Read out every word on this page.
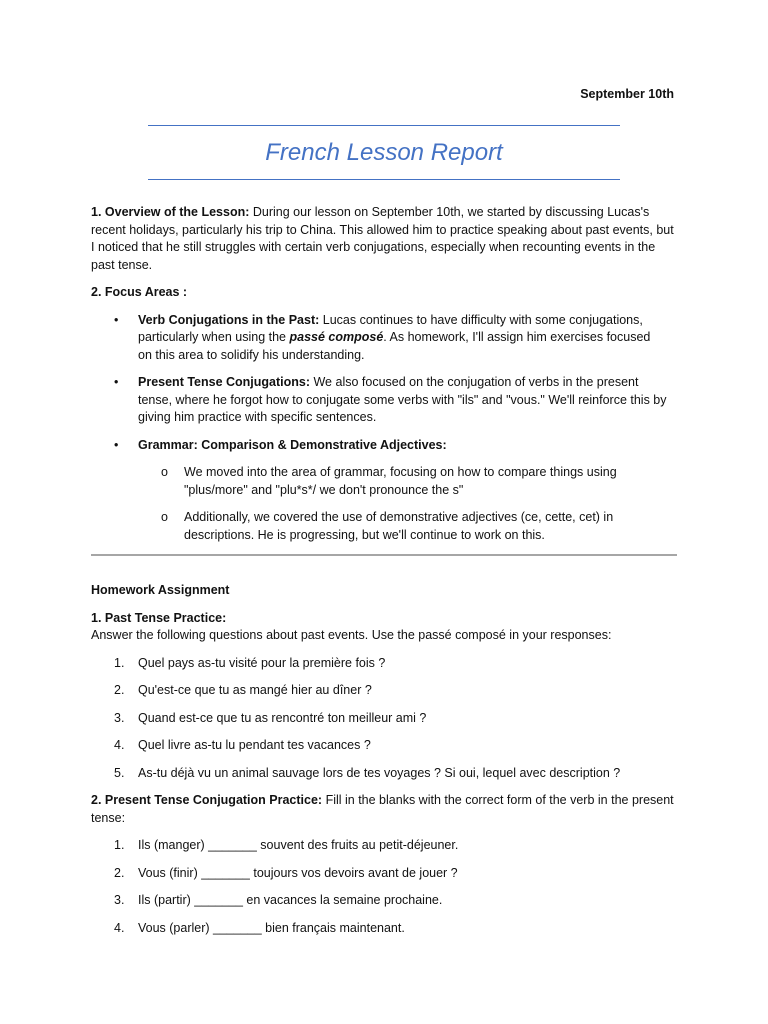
September 10th
French Lesson Report

1. Overview of the Lesson: During our lesson on September 10th, we started by discussing Lucas's recent holidays, particularly his trip to China. This allowed him to practice speaking about past events, but I noticed that he still struggles with certain verb conjugations, especially when recounting events in the past tense.

2. Focus Areas :

• Verb Conjugations in the Past: Lucas continues to have difficulty with some conjugations, particularly when using the passé composé. As homework, I'll assign him exercises focused on this area to solidify his understanding.
• Present Tense Conjugations: We also focused on the conjugation of verbs in the present tense, where he forgot how to conjugate some verbs with "ils" and "vous." We'll reinforce this by giving him practice with specific sentences.
• Grammar: Comparison & Demonstrative Adjectives:
o We moved into the area of grammar, focusing on how to compare things using "plus/more" and "plu*s*/ we don't pronounce the s"
o Additionally, we covered the use of demonstrative adjectives (ce, cette, cet) in descriptions. He is progressing, but we'll continue to work on this.

Homework Assignment

1. Past Tense Practice:
Answer the following questions about past events. Use the passé composé in your responses:

1. Quel pays as-tu visité pour la première fois ?
2. Qu'est-ce que tu as mangé hier au dîner ?
3. Quand est-ce que tu as rencontré ton meilleur ami ?
4. Quel livre as-tu lu pendant tes vacances ?
5. As-tu déjà vu un animal sauvage lors de tes voyages ? Si oui, lequel avec description ?

2. Present Tense Conjugation Practice: Fill in the blanks with the correct form of the verb in the present tense:

1. Ils (manger) _______ souvent des fruits au petit-déjeuner.
2. Vous (finir) _______ toujours vos devoirs avant de jouer ?
3. Ils (partir) _______ en vacances la semaine prochaine.
4. Vous (parler) _______ bien français maintenant.
